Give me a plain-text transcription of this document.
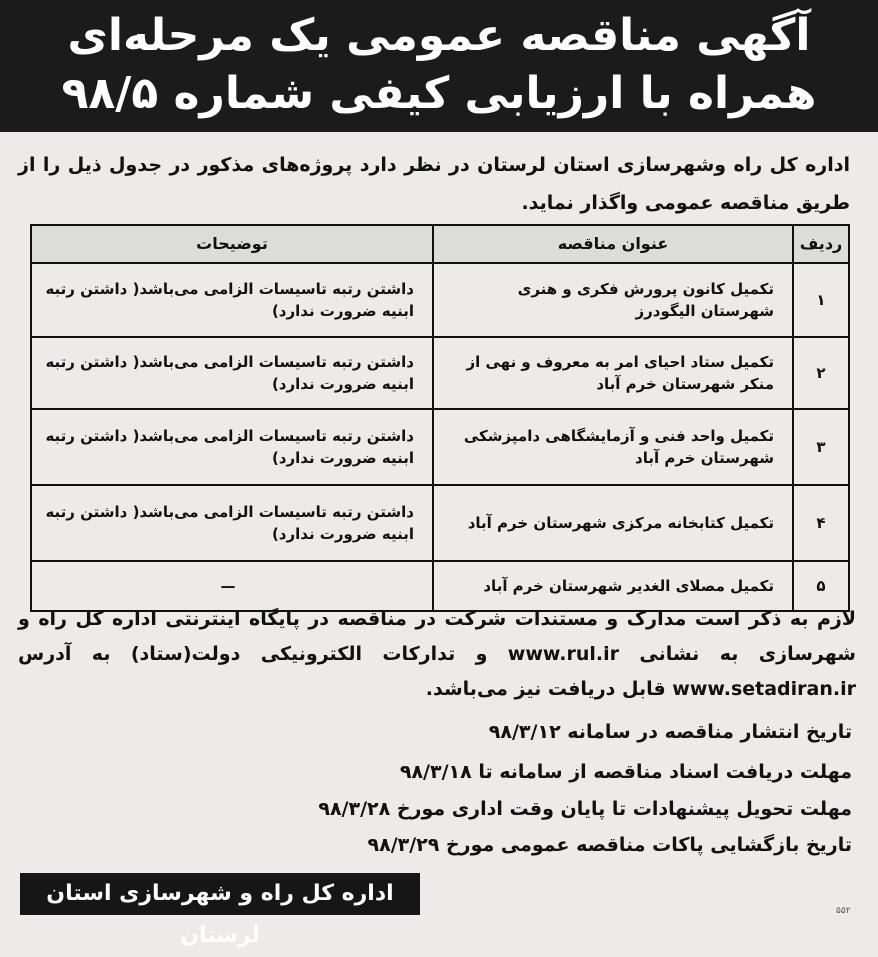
آگهی مناقصه عمومی یک مرحله‌ای
همراه با ارزیابی کیفی شماره ۹۸/۵
اداره کل راه وشهرسازی استان لرستان در نظر دارد پروژه‌های مذکور در جدول ذیل را از طریق مناقصه عمومی واگذار نماید.
ردیف	عنوان مناقصه	توضیحات
۱	تکمیل کانون پرورش فکری و هنری شهرستان الیگودرز	داشتن رتبه تاسیسات الزامی می‌باشد( داشتن رتبه ابنیه ضرورت ندارد)
۲	تکمیل ستاد احیای امر به معروف و نهی از منکر شهرستان خرم آباد	داشتن رتبه تاسیسات الزامی می‌باشد( داشتن رتبه ابنیه ضرورت ندارد)
۳	تکمیل واحد فنی و آزمایشگاهی دامپزشکی شهرستان خرم آباد	داشتن رتبه تاسیسات الزامی می‌باشد( داشتن رتبه ابنیه ضرورت ندارد)
۴	تکمیل کتابخانه مرکزی شهرستان خرم آباد	داشتن رتبه تاسیسات الزامی می‌باشد( داشتن رتبه ابنیه ضرورت ندارد)
۵	تکمیل مصلای الغدیر شهرستان خرم آباد	—
لازم به ذکر است مدارک و مستندات شرکت در مناقصه در پایگاه اینترنتی اداره کل راه و شهرسازی به نشانی www.rul.ir و تدارکات الکترونیکی دولت(ستاد) به آدرس www.setadiran.ir قابل دریافت نیز می‌باشد.
تاریخ انتشار مناقصه در سامانه ۹۸/۳/۱۲
مهلت دریافت اسناد مناقصه از سامانه تا ۹۸/۳/۱۸
مهلت تحویل پیشنهادات تا پایان وقت اداری مورخ ۹۸/۳/۲۸
تاریخ بازگشایی پاکات مناقصه عمومی مورخ ۹۸/۳/۲۹
اداره کل راه و شهرسازی استان لرستان
۵۵۲
